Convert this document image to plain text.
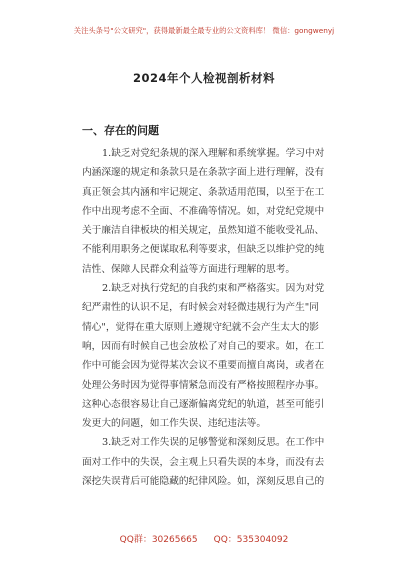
关注头条号"公文研究"，获得最新最全最专业的公文资料库！ 微信：gongwenyj
2024年个人检视剖析材料
一、存在的问题
1.缺乏对党纪条规的深入理解和系统掌握。学习中对
内涵深邃的规定和条款只是在条款字面上进行理解，没有
真正领会其内涵和牢记规定、条款适用范围，以至于在工
作中出现考虑不全面、不准确等情况。如，对党纪党规中
关于廉洁自律板块的相关规定，虽然知道不能收受礼品、
不能利用职务之便谋取私利等要求，但缺乏以维护党的纯
洁性、保障人民群众利益等方面进行理解的思考。
2.缺乏对执行党纪的自我约束和严格落实。因为对党
纪严肃性的认识不足，有时候会对轻微违规行为产生"同
情心"，觉得在重大原则上遵规守纪就不会产生太大的影
响，因而有时候自己也会放松了对自己的要求。如，在工
作中可能会因为觉得某次会议不重要而擅自离岗，或者在
处理公务时因为觉得事情紧急而没有严格按照程序办事。
这种心态很容易让自己逐渐偏离党纪的轨道，甚至可能引
发更大的问题，如工作失误、违纪违法等。
3.缺乏对工作失误的足够警觉和深刻反思。在工作中
面对工作中的失误，会主观上只看失误的本身，而没有去
深挖失误背后可能隐藏的纪律风险。如，深刻反思自己的
QQ群：30265665 QQ：535304092
